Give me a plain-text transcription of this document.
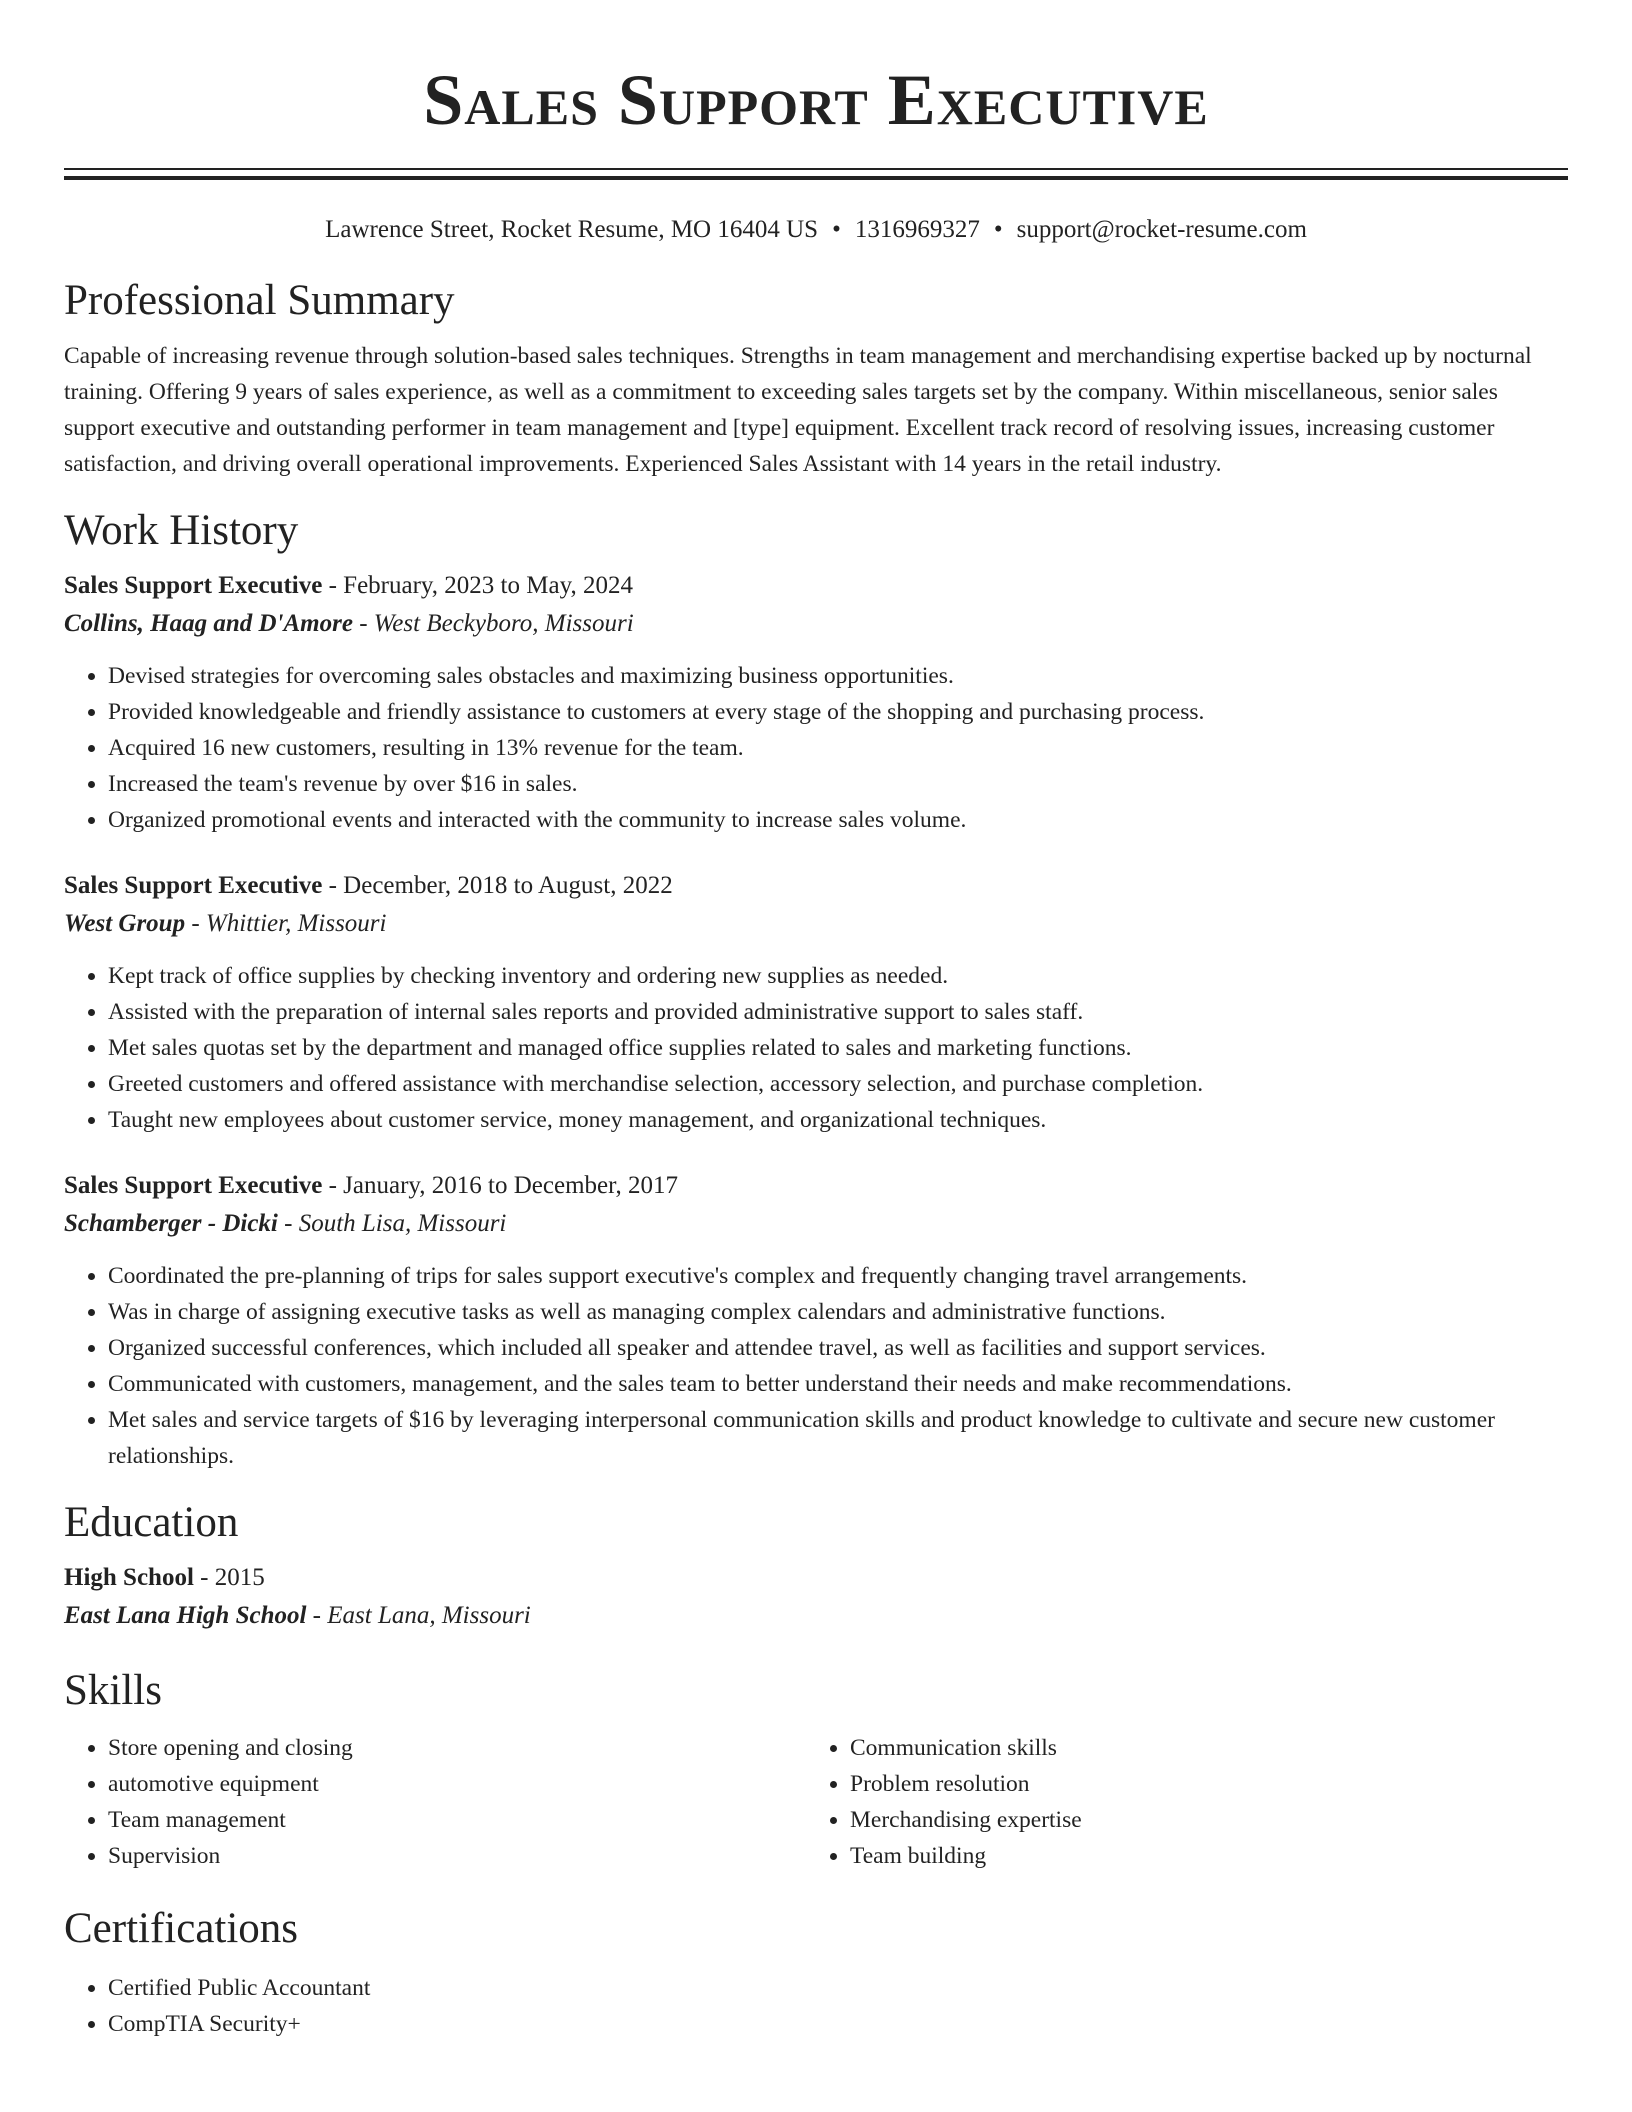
Sales Support Executive
Lawrence Street, Rocket Resume, MO 16404 US • 1316969327 • support@rocket-resume.com
Professional Summary

Capable of increasing revenue through solution-based sales techniques. Strengths in team management and merchandising expertise backed up by nocturnal training. Offering 9 years of sales experience, as well as a commitment to exceeding sales targets set by the company. Within miscellaneous, senior sales support executive and outstanding performer in team management and [type] equipment. Excellent track record of resolving issues, increasing customer satisfaction, and driving overall operational improvements. Experienced Sales Assistant with 14 years in the retail industry.

Work History
Sales Support Executive - February, 2023 to May, 2024
Collins, Haag and D'Amore - West Beckyboro, Missouri
• Devised strategies for overcoming sales obstacles and maximizing business opportunities.
• Provided knowledgeable and friendly assistance to customers at every stage of the shopping and purchasing process.
• Acquired 16 new customers, resulting in 13% revenue for the team.
• Increased the team's revenue by over $16 in sales.
• Organized promotional events and interacted with the community to increase sales volume.
Sales Support Executive - December, 2018 to August, 2022
West Group - Whittier, Missouri
• Kept track of office supplies by checking inventory and ordering new supplies as needed.
• Assisted with the preparation of internal sales reports and provided administrative support to sales staff.
• Met sales quotas set by the department and managed office supplies related to sales and marketing functions.
• Greeted customers and offered assistance with merchandise selection, accessory selection, and purchase completion.
• Taught new employees about customer service, money management, and organizational techniques.
Sales Support Executive - January, 2016 to December, 2017
Schamberger - Dicki - South Lisa, Missouri
• Coordinated the pre-planning of trips for sales support executive's complex and frequently changing travel arrangements.
• Was in charge of assigning executive tasks as well as managing complex calendars and administrative functions.
• Organized successful conferences, which included all speaker and attendee travel, as well as facilities and support services.
• Communicated with customers, management, and the sales team to better understand their needs and make recommendations.
• Met sales and service targets of $16 by leveraging interpersonal communication skills and product knowledge to cultivate and secure new customer relationships.
Education
High School - 2015
East Lana High School - East Lana, Missouri
Skills
• Store opening and closing
• automotive equipment
• Team management
• Supervision
• Communication skills
• Problem resolution
• Merchandising expertise
• Team building
Certifications
• Certified Public Accountant
• CompTIA Security+
